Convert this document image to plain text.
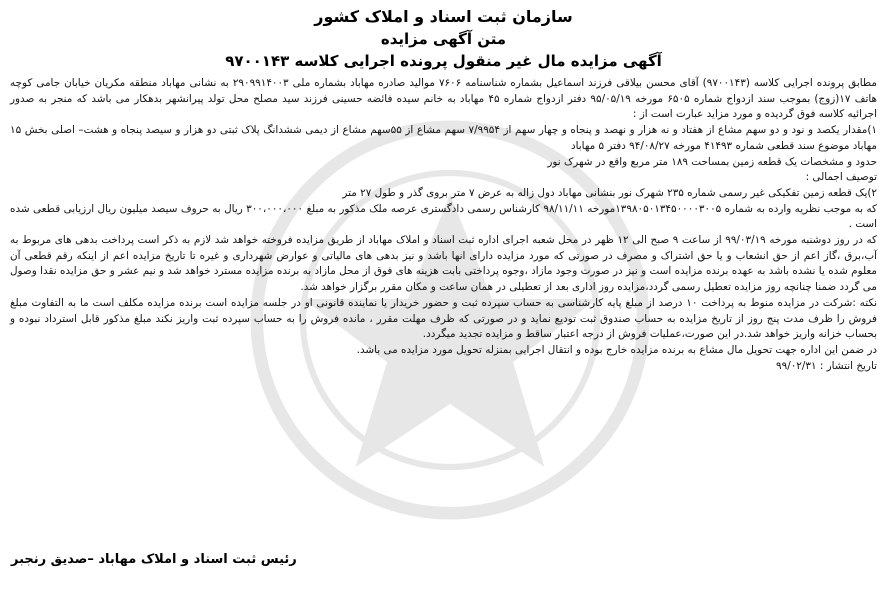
سازمان ثبت اسناد و املاک کشور
متن آگهی مزایده
آگهی مزایده مال غیر منقول پرونده اجرایی کلاسه ۹۷۰۰۱۴۳

مطابق پرونده اجرایی کلاسه (۹۷۰۰۱۴۳) آقای محسن بیلاقی فرزند اسماعیل بشماره شناسنامه ۷۶۰۶ موالید صادره مهاباد بشماره ملی ۲۹۰۹۹۱۴۰۰۳ به نشانی مهاباد منطقه مکریان خیابان جامی کوچه هاتف ۱۷(زوج) بموجب سند ازدواج شماره ۶۵۰۵ مورخه ۹۵/۰۵/۱۹ دفتر ازدواج شماره ۴۵ مهاباد به خانم سیده فائضه حسینی فرزند سید مصلح محل تولد پیرانشهر بدهکار می باشد که منجر به صدور اجرائیه کلاسه فوق گردیده و مورد مزاید عبارت است از :

۱)مقدار یکصد و نود و دو سهم مشاع از هفتاد و نه هزار و نهصد و پنجاه و چهار سهم از ۷/۹۹۵۴ سهم مشاع از ۵۵سهم مشاع از دیمی ششدانگ پلاک ثبتی دو هزار و سیصد پنجاه و هشت– اصلی بخش ۱۵ مهاباد موضوع سند قطعی شماره ۴۱۴۹۳ مورخه ۹۴/۰۸/۲۷ دفتر ۵ مهاباد

حدود و مشخصات یک قطعه زمین بمساحت ۱۸۹ متر مربع واقع در شهرک نور

توصیف اجمالی :

۲)یک قطعه زمین تفکیکی غیر رسمی شماره ۲۳۵ شهرک نور بنشانی مهاباد دول زاله به عرض ۷ متر بروی گذر و طول ۲۷ متر

که به موجب نظریه وارده به شماره ۱۳۹۸۰۵۰۱۳۴۵۰۰۰۰۳۰۰۵مورخه ۹۸/۱۱/۱۱ کارشناس رسمی دادگستری عرصه ملک مذکور به مبلغ ۳۰۰،۰۰۰،۰۰۰ ریال به حروف سیصد میلیون ریال ارزیابی قطعی شده است .

که در روز دوشنبه مورخه ۹۹/۰۳/۱۹ از ساعت ۹ صبح الی ۱۲ ظهر در محل شعبه اجرای اداره ثبت اسناد و املاک مهاباد از طریق مزایده فروخته خواهد شد لازم به ذکر است پرداخت بدهی های مربوط به آب،برق ،گاز اعم از حق انشعاب و یا حق اشتراک و مصرف در صورتی که مورد مزایده دارای انها باشد و نیز بدهی های مالیاتی و عوارض شهرداری و غیره تا تاریخ مزایده اعم از اینکه رقم قطعی آن معلوم شده یا نشده باشد به عهده برنده مزایده است و نیز در صورت وجود مازاد ،وجوه پرداختی بابت هزینه های فوق از محل مازاد به برنده مزایده مسترد خواهد شد و نیم عشر و حق مزایده نقدا وصول می گردد ضمنا چنانچه روز مزایده تعطیل رسمی گردد،مزایده روز اداری بعد از تعطیلی در همان ساعت و مکان مقرر برگزار خواهد شد.

نکته :شرکت در مزایده منوط به پرداخت ۱۰ درصد از مبلغ پایه کارشناسی به حساب سپرده ثبت و حضور خریدار یا نماینده قانونی او در جلسه مزایده است برنده مزایده مکلف است ما به التفاوت مبلغ فروش را ظرف مدت پنج روز از تاریخ مزایده به حساب صندوق ثبت تودیع نماید و در صورتی که ظرف مهلت مقرر ، مانده فروش را به حساب سپرده ثبت واریز نکند مبلغ مذکور قابل استرداد نبوده و بحساب خزانه واریز خواهد شد.در این صورت،عملیات فروش از درجه اعتبار ساقط و مزایده تجدید میگردد.

در ضمن این اداره جهت تحویل مال مشاع به برنده مزایده خارج بوده و انتقال اجرایی بمنزله تحویل مورد مزایده می باشد.

تاریخ انتشار : ۹۹/۰۲/۳۱

رئیس ثبت اسناد و املاک مهاباد –صدیق رنجبر
